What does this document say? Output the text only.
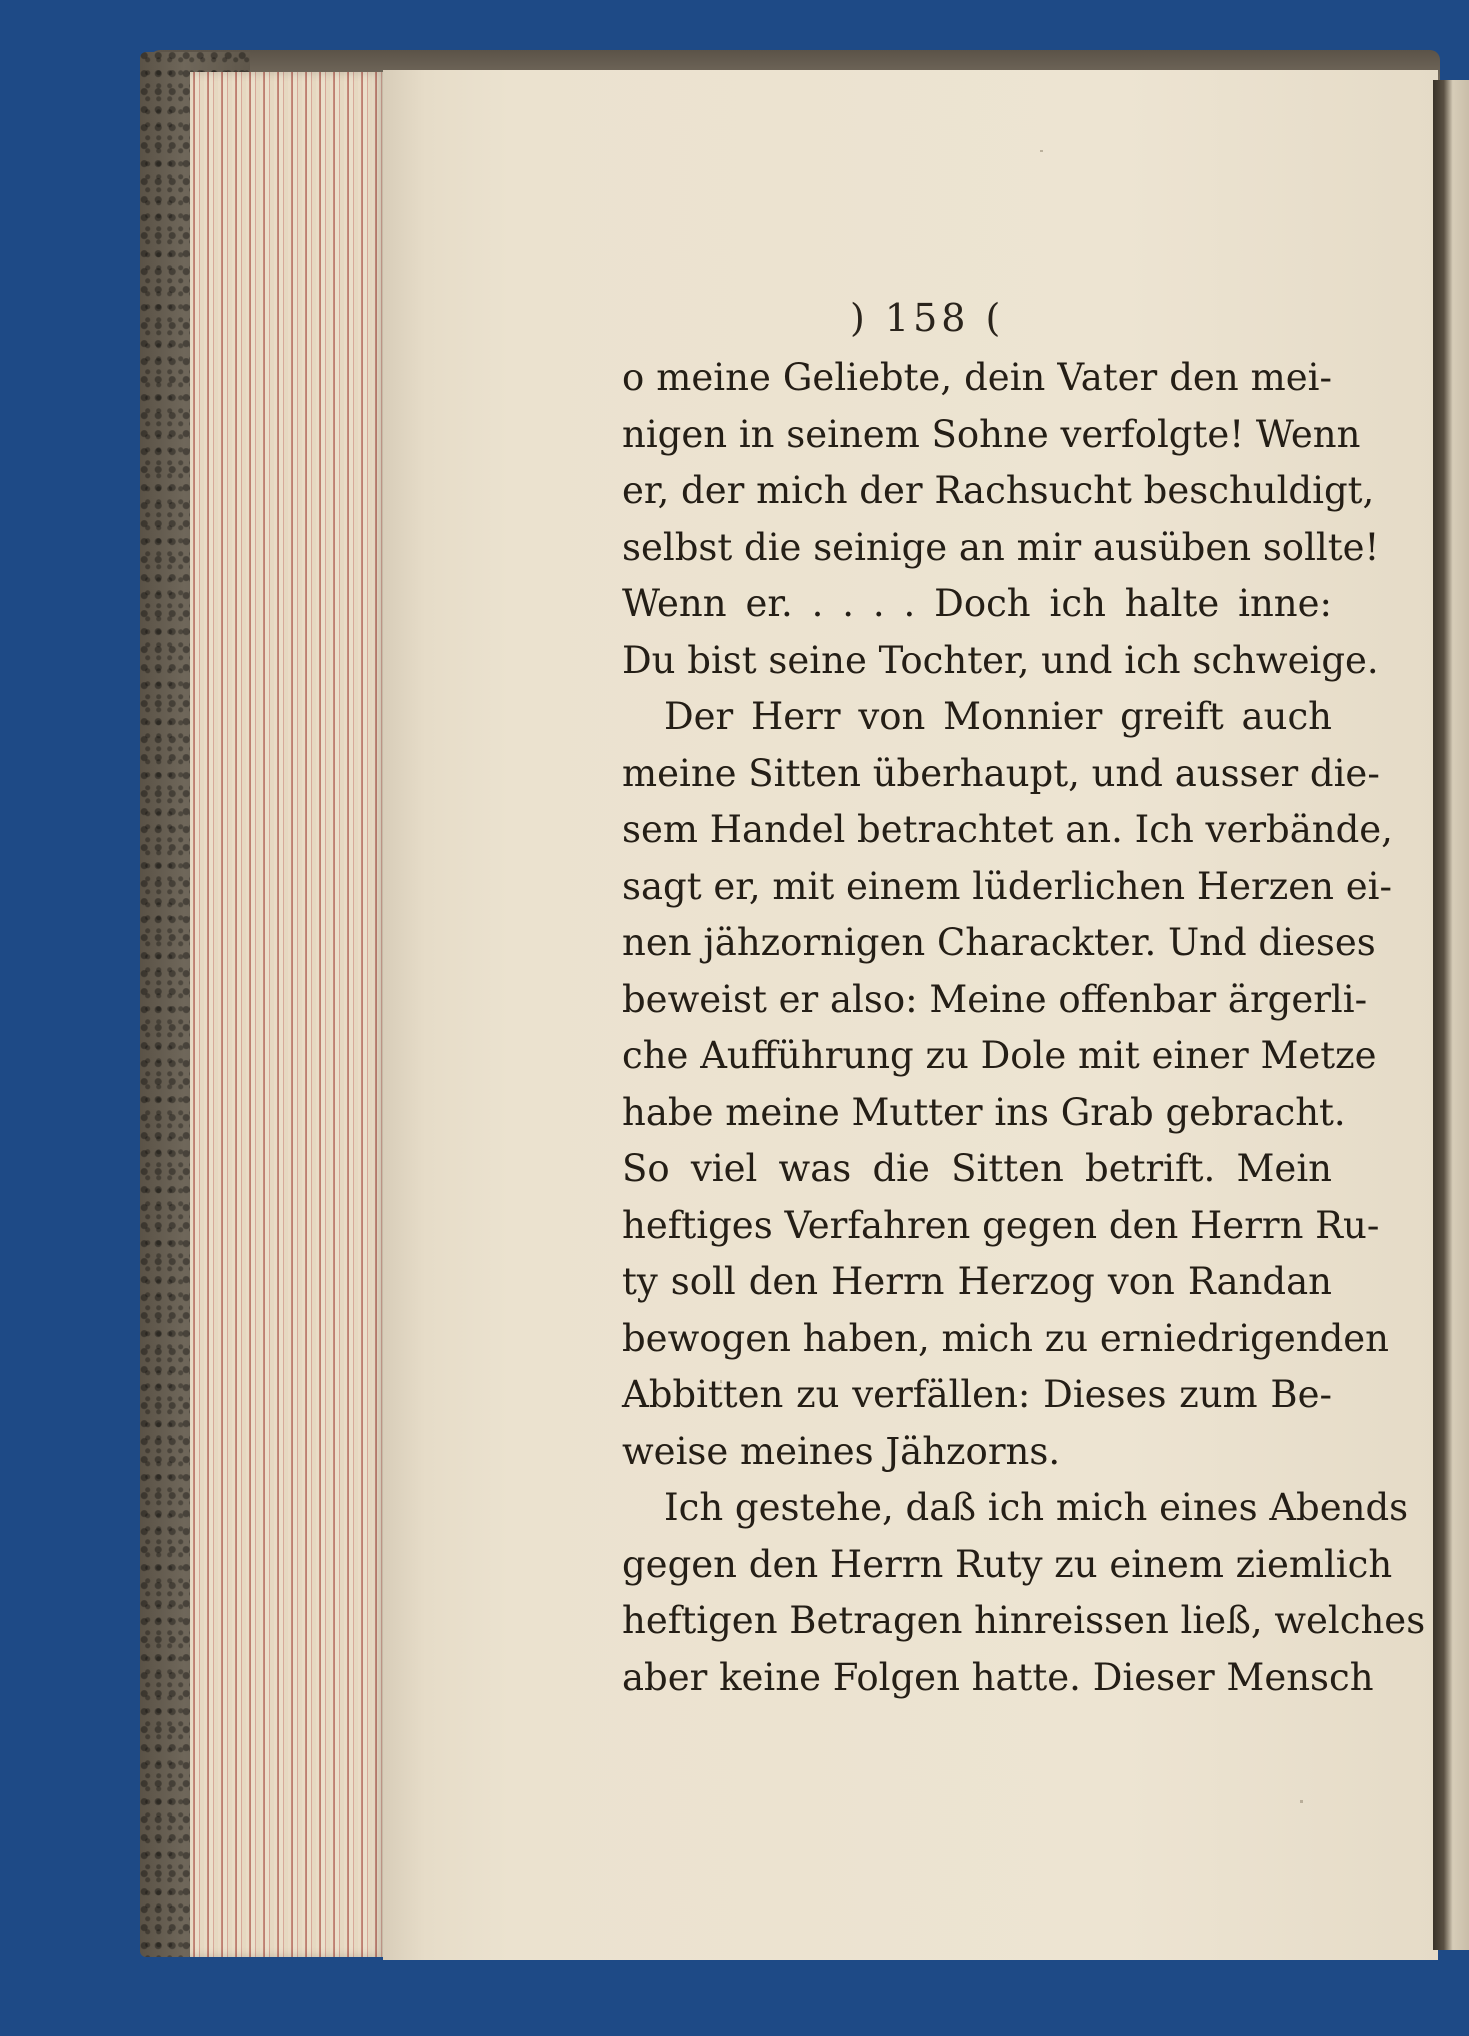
) 158 (
o meine Geliebte, dein Vater den mei-
nigen in seinem Sohne verfolgte! Wenn
er, der mich der Rachsucht beschuldigt,
selbst die seinige an mir ausüben sollte!
Wenn er. . . . . Doch ich halte inne:
Du bist seine Tochter, und ich schweige.
Der Herr von Monnier greift auch
meine Sitten überhaupt, und ausser die-
sem Handel betrachtet an. Ich verbände,
sagt er, mit einem lüderlichen Herzen ei-
nen jähzornigen Charackter. Und dieses
beweist er also: Meine offenbar ärgerli-
che Aufführung zu Dole mit einer Metze
habe meine Mutter ins Grab gebracht.
So viel was die Sitten betrift. Mein
heftiges Verfahren gegen den Herrn Ru-
ty soll den Herrn Herzog von Randan
bewogen haben, mich zu erniedrigenden
Abbitten zu verfällen: Dieses zum Be-
weise meines Jähzorns.
Ich gestehe, daß ich mich eines Abends
gegen den Herrn Ruty zu einem ziemlich
heftigen Betragen hinreissen ließ, welches
aber keine Folgen hatte. Dieser Mensch
